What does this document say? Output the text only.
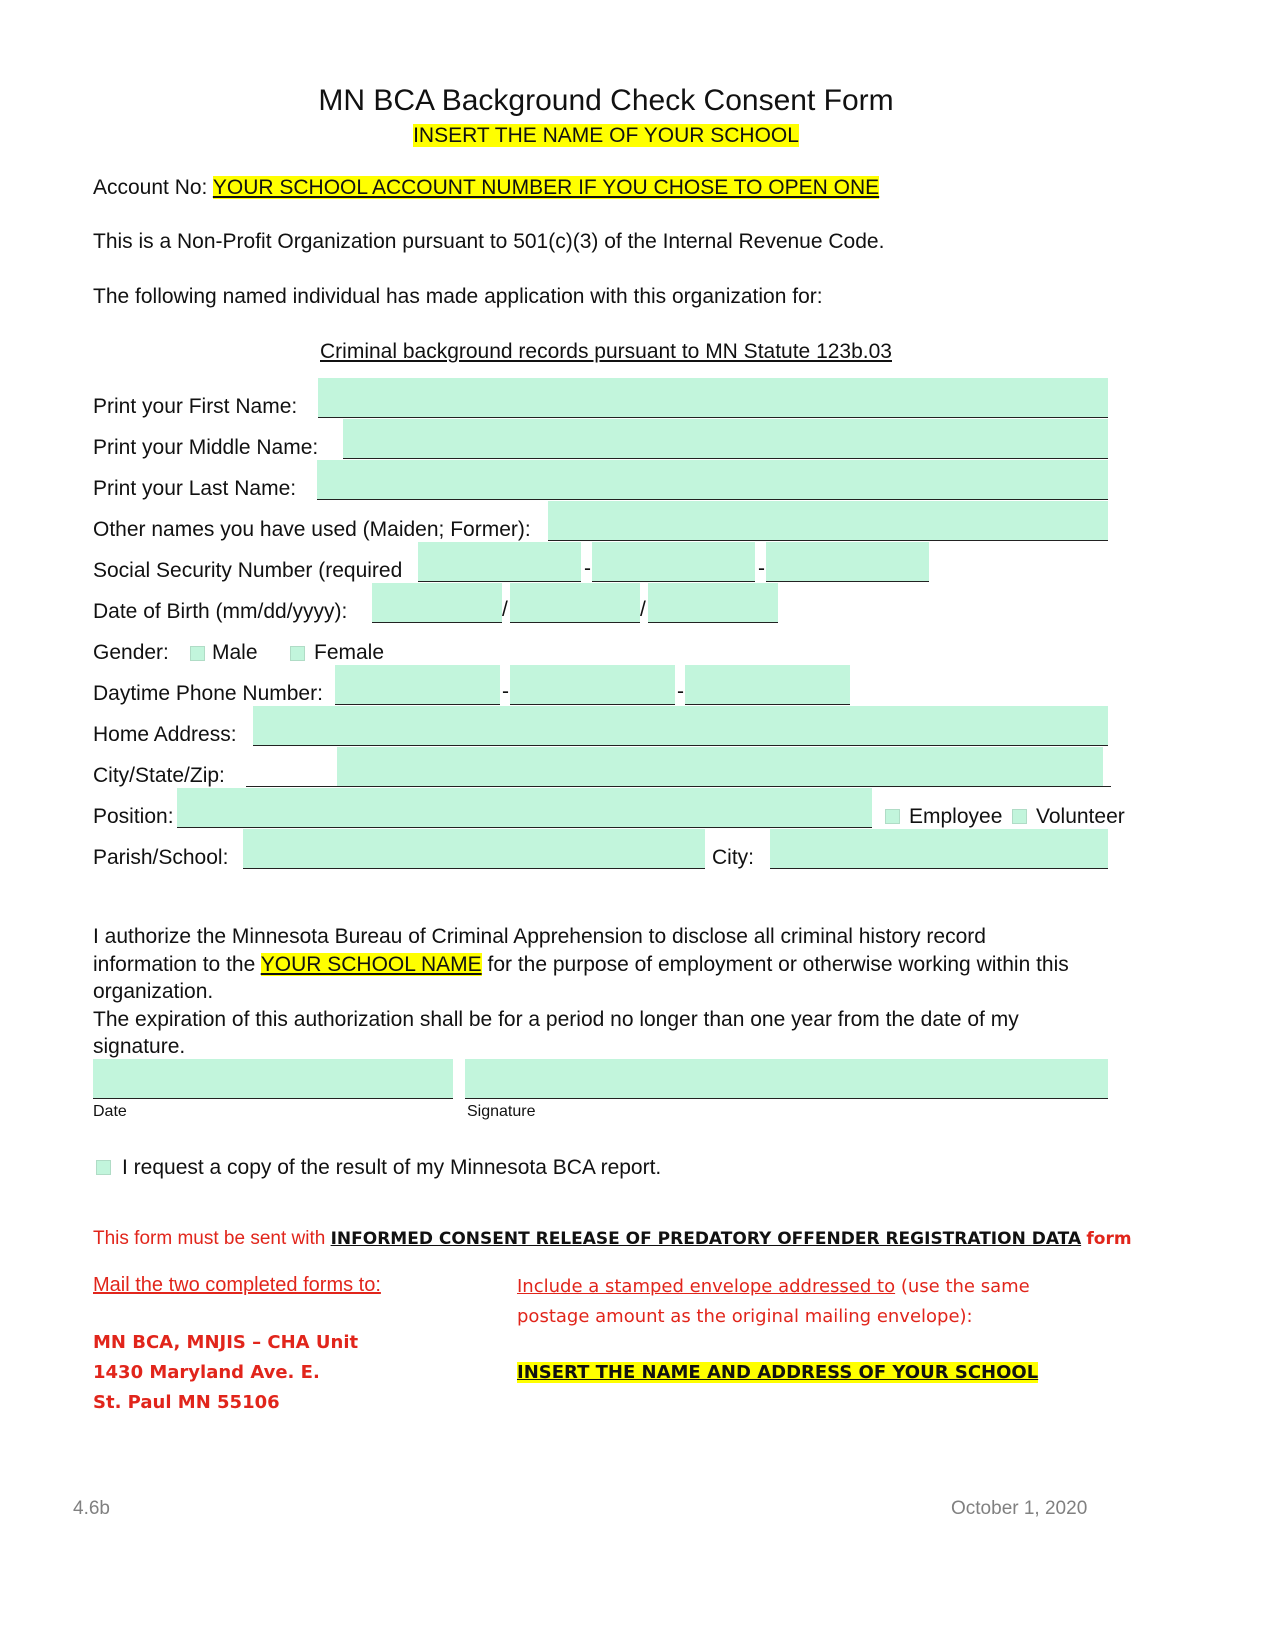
MN BCA Background Check Consent Form
INSERT THE NAME OF YOUR SCHOOL
Account No: YOUR SCHOOL ACCOUNT NUMBER IF YOU CHOSE TO OPEN ONE
This is a Non-Profit Organization pursuant to 501(c)(3) of the Internal Revenue Code.
The following named individual has made application with this organization for:
Criminal background records pursuant to MN Statute 123b.03
Print your First Name:
Print your Middle Name:
Print your Last Name:
Other names you have used (Maiden; Former):
Social Security Number (required	-	-
Date of Birth (mm/dd/yyyy):	/	/
Gender: Male	Female
Daytime Phone Number:	-	-
Home Address:
City/State/Zip:
Position:	Employee Volunteer
Parish/School:	City:
I authorize the Minnesota Bureau of Criminal Apprehension to disclose all criminal history record information to the YOUR SCHOOL NAME for the purpose of employment or otherwise working within this organization.
The expiration of this authorization shall be for a period no longer than one year from the date of my signature.
Date	Signature
I request a copy of the result of my Minnesota BCA report.
This form must be sent with INFORMED CONSENT RELEASE OF PREDATORY OFFENDER REGISTRATION DATA form
Mail the two completed forms to:
MN BCA, MNJIS – CHA Unit
1430 Maryland Ave. E.
St. Paul MN 55106
Include a stamped envelope addressed to (use the same
postage amount as the original mailing envelope):
INSERT THE NAME AND ADDRESS OF YOUR SCHOOL
4.6b	October 1, 2020
